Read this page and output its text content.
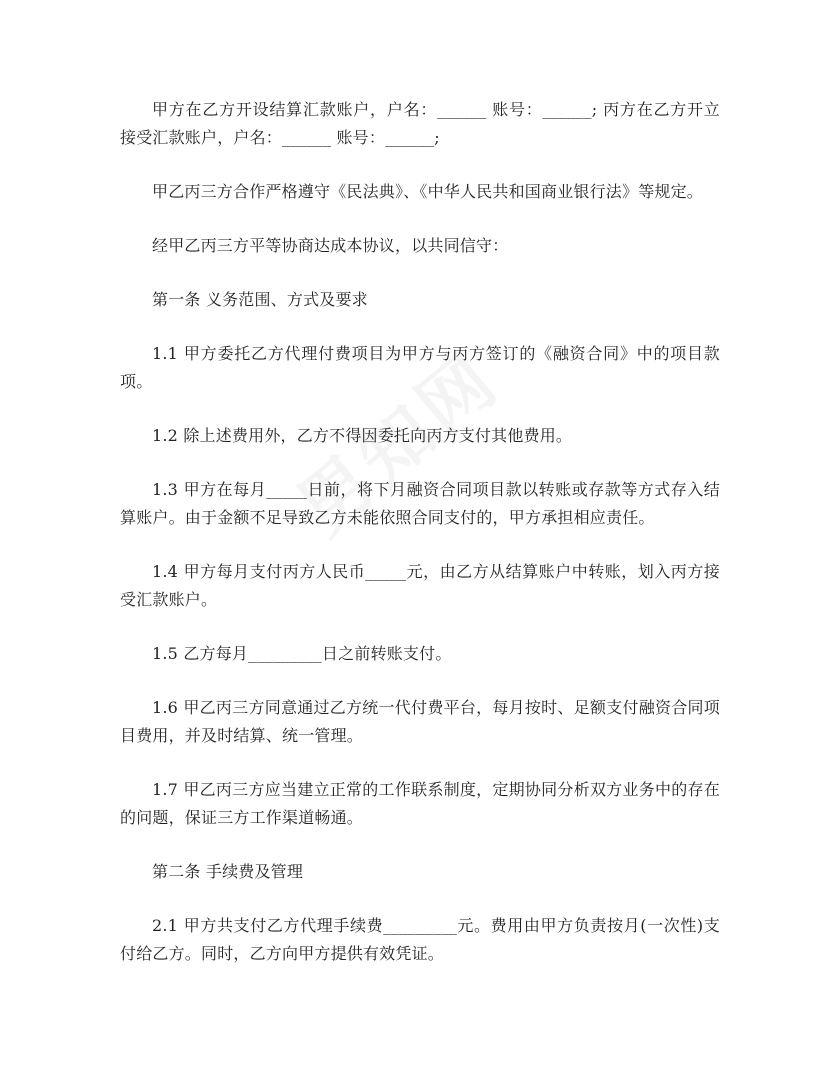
甲方在乙方开设结算汇款账户，户名：______ 账号：______; 丙方在乙方开立接受汇款账户，户名：______ 账号：______;

甲乙丙三方合作严格遵守《民法典》、《中华人民共和国商业银行法》等规定。

经甲乙丙三方平等协商达成本协议，以共同信守：

第一条 义务范围、方式及要求

1.1 甲方委托乙方代理付费项目为甲方与丙方签订的《融资合同》中的项目款项。

1.2 除上述费用外，乙方不得因委托向丙方支付其他费用。

1.3 甲方在每月_____日前，将下月融资合同项目款以转账或存款等方式存入结算账户。由于金额不足导致乙方未能依照合同支付的，甲方承担相应责任。

1.4 甲方每月支付丙方人民币_____元，由乙方从结算账户中转账，划入丙方接受汇款账户。

1.5 乙方每月_________日之前转账支付。

1.6 甲乙丙三方同意通过乙方统一代付费平台，每月按时、足额支付融资合同项目费用，并及时结算、统一管理。

1.7 甲乙丙三方应当建立正常的工作联系制度，定期协同分析双方业务中的存在的问题，保证三方工作渠道畅通。

第二条 手续费及管理

2.1 甲方共支付乙方代理手续费_________元。费用由甲方负责按月(一次性)支付给乙方。同时，乙方向甲方提供有效凭证。
